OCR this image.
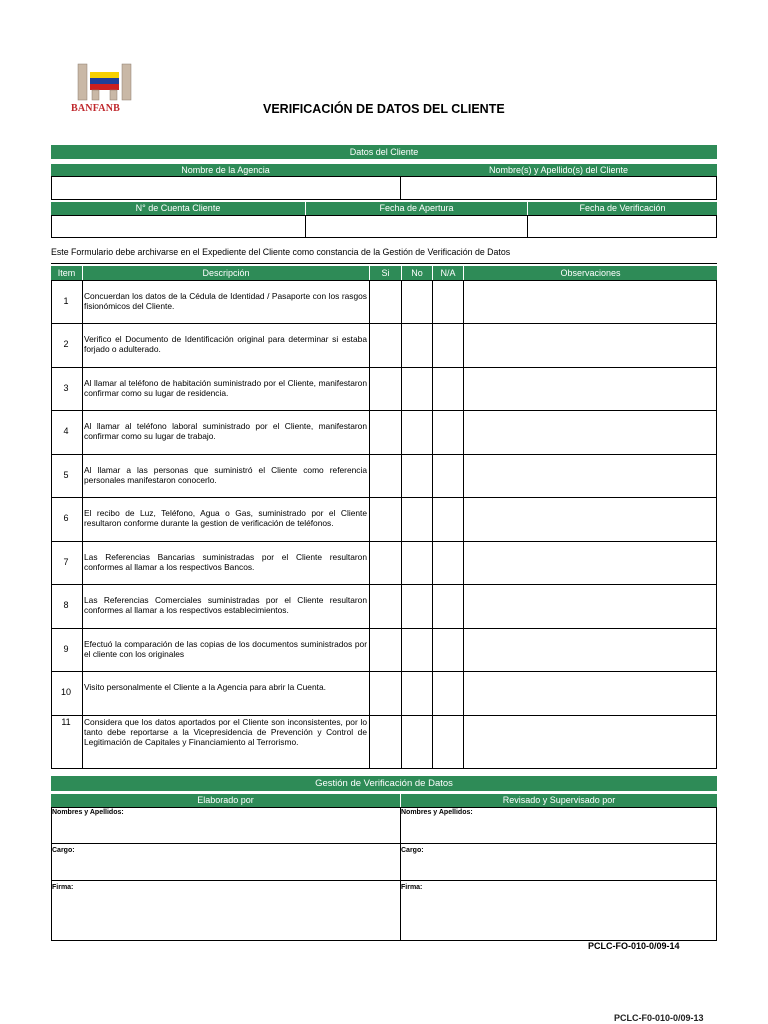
BANFANB	VERIFICACIÓN DE DATOS DEL CLIENTE
Datos del Cliente
Nombre de la Agencia	Nombre(s) y Apellido(s) del Cliente
N° de Cuenta Cliente	Fecha de Apertura	Fecha de Verificación
Este Formulario debe archivarse en el Expediente del Cliente como constancia de la Gestión de Verificación de Datos
Item	Descripción	Si	No	N/A	Observaciones
1	Concuerdan los datos de la Cédula de Identidad / Pasaporte con los rasgos fisionómicos del Cliente.
2	Verifico el Documento de Identificación original para determinar si estaba forjado o adulterado.
3	Al llamar al teléfono de habitación suministrado por el Cliente, manifestaron confirmar como su lugar de residencia.
4	Al llamar al teléfono laboral suministrado por el Cliente, manifestaron confirmar como su lugar de trabajo.
5	Al llamar a las personas que suministró el Cliente como referencia personales manifestaron conocerlo.
6	El recibo de Luz, Teléfono, Agua o Gas, suministrado por el Cliente resultaron conforme durante la gestion de verificación de teléfonos.
7	Las Referencias Bancarias suministradas por el Cliente resultaron conformes al llamar a los respectivos Bancos.
8	Las Referencias Comerciales suministradas por el Cliente resultaron conformes al llamar a los respectivos establecimientos.
9	Efectuó la comparación de las copias de los documentos suministrados por el cliente con los originales
10	Visito personalmente el Cliente a la Agencia para abrir la Cuenta.
11	Considera que los datos aportados por el Cliente son inconsistentes, por lo tanto debe reportarse a la Vicepresidencia de Prevención y Control de Legitimación de Capitales y Financiamiento al Terrorismo.
Gestión de Verificación de Datos
Elaborado por	Revisado y Supervisado por
Nombres y Apellidos:	Nombres y Apellidos:
Cargo:	Cargo:
Firma:	Firma:
PCLC-FO-010-0/09-14
PCLC-F0-010-0/09-13
